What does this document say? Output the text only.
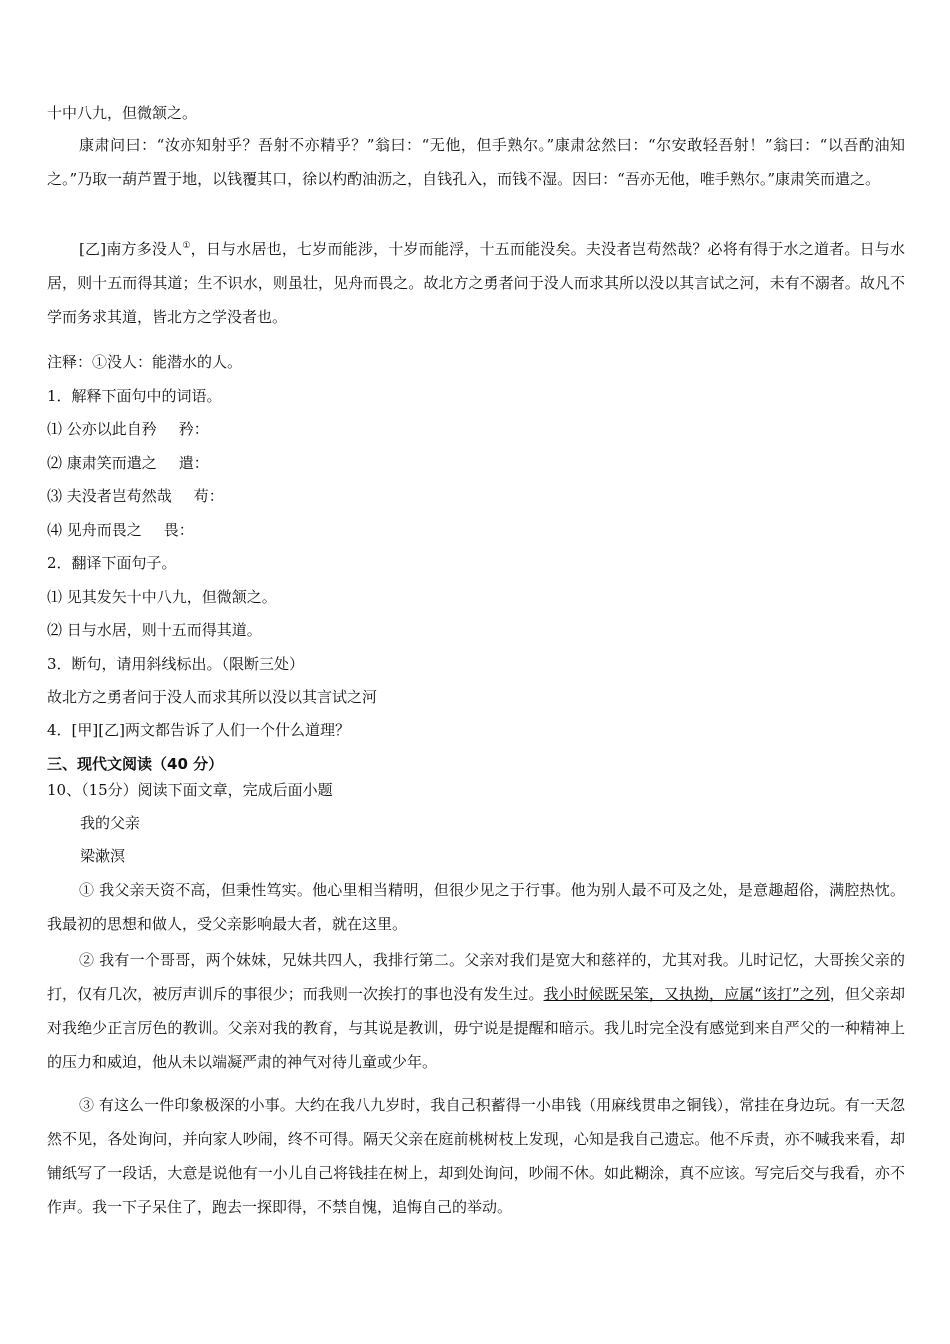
十中八九，但微颔之。

康肃问曰：“汝亦知射乎？吾射不亦精乎？”翁曰：“无他，但手熟尔。”康肃忿然曰：“尔安敢轻吾射！”翁曰：“以吾酌油知之。”乃取一葫芦置于地，以钱覆其口，徐以杓酌油沥之，自钱孔入，而钱不湿。因曰：“吾亦无他，唯手熟尔。”康肃笑而遣之。

[乙]南方多没人①，日与水居也，七岁而能涉，十岁而能浮，十五而能没矣。夫没者岂苟然哉？必将有得于水之道者。日与水居，则十五而得其道；生不识水，则虽壮，见舟而畏之。故北方之勇者问于没人而求其所以没以其言试之河，未有不溺者。故凡不学而务求其道，皆北方之学没者也。

注释：①没人：能潜水的人。

1．解释下面句中的词语。

⑴ 公亦以此自矜 矜：

⑵ 康肃笑而遣之 遣：

⑶ 夫没者岂苟然哉 苟：

⑷ 见舟而畏之 畏：

2．翻译下面句子。

⑴ 见其发矢十中八九，但微颔之。

⑵ 日与水居，则十五而得其道。

3．断句，请用斜线标出。（限断三处）

故北方之勇者问于没人而求其所以没以其言试之河

4．[甲][乙]两文都告诉了人们一个什么道理？

三、现代文阅读（40 分）

10、（15分）阅读下面文章，完成后面小题

我的父亲

梁漱溟

① 我父亲天资不高，但秉性笃实。他心里相当精明，但很少见之于行事。他为别人最不可及之处，是意趣超俗，满腔热忱。我最初的思想和做人，受父亲影响最大者，就在这里。

② 我有一个哥哥，两个妹妹，兄妹共四人，我排行第二。父亲对我们是宽大和慈祥的，尤其对我。儿时记忆，大哥挨父亲的打，仅有几次，被厉声训斥的事很少；而我则一次挨打的事也没有发生过。我小时候既呆笨，又执拗，应属“该打”之列，但父亲却对我绝少正言厉色的教训。父亲对我的教育，与其说是教训，毋宁说是提醒和暗示。我儿时完全没有感觉到来自严父的一种精神上的压力和威迫，他从未以端凝严肃的神气对待儿童或少年。

③ 有这么一件印象极深的小事。大约在我八九岁时，我自己积蓄得一小串钱（用麻线贯串之铜钱），常挂在身边玩。有一天忽然不见，各处询问，并向家人吵闹，终不可得。隔天父亲在庭前桃树枝上发现，心知是我自己遗忘。他不斥责，亦不喊我来看，却铺纸写了一段话，大意是说他有一小儿自己将钱挂在树上，却到处询问，吵闹不休。如此糊涂，真不应该。写完后交与我看，亦不作声。我一下子呆住了，跑去一探即得，不禁自愧，追悔自己的举动。
